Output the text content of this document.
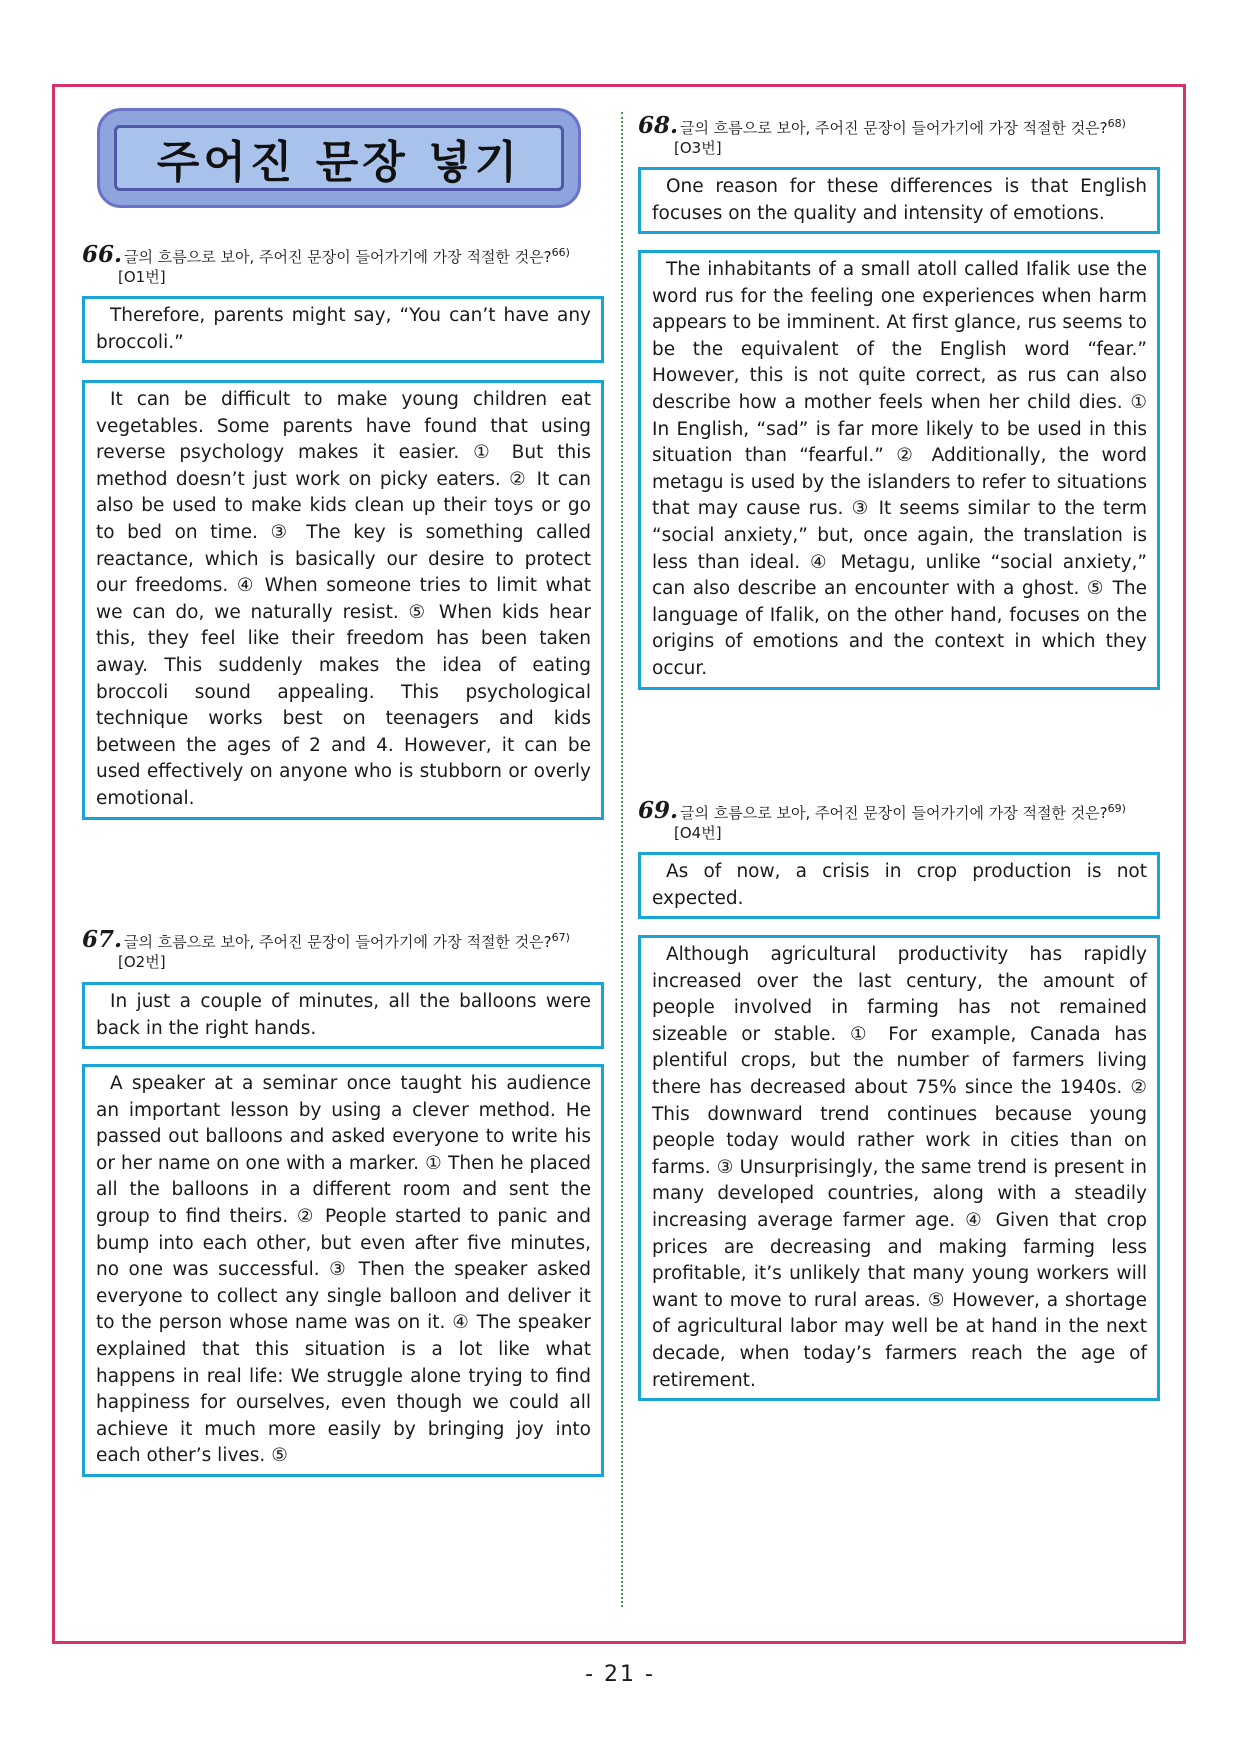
주어진 문장 넣기
66. 글의 흐름으로 보아, 주어진 문장이 들어가기에 가장 적절한 것은?$^{66)}$
[O1번]

Therefore, parents might say, “You can’t have any broccoli.”

It can be difficult to make young children eat vegetables. Some parents have found that using reverse psychology makes it easier. ① But this method doesn’t just work on picky eaters. ② It can also be used to make kids clean up their toys or go to bed on time. ③ The key is something called reactance, which is basically our desire to protect our freedoms. ④ When someone tries to limit what we can do, we naturally resist. ⑤ When kids hear this, they feel like their freedom has been taken away. This suddenly makes the idea of eating broccoli sound appealing. This psychological technique works best on teenagers and kids between the ages of 2 and 4. However, it can be used effectively on anyone who is stubborn or overly emotional.

67. 글의 흐름으로 보아, 주어진 문장이 들어가기에 가장 적절한 것은?$^{67)}$
[O2번]

In just a couple of minutes, all the balloons were back in the right hands.

A speaker at a seminar once taught his audience an important lesson by using a clever method. He passed out balloons and asked everyone to write his or her name on one with a marker. ① Then he placed all the balloons in a different room and sent the group to find theirs. ② People started to panic and bump into each other, but even after five minutes, no one was successful. ③ Then the speaker asked everyone to collect any single balloon and deliver it to the person whose name was on it. ④ The speaker explained that this situation is a lot like what happens in real life: We struggle alone trying to find happiness for ourselves, even though we could all achieve it much more easily by bringing joy into each other’s lives. ⑤

68. 글의 흐름으로 보아, 주어진 문장이 들어가기에 가장 적절한 것은?$^{68)}$
[O3번]

One reason for these differences is that English focuses on the quality and intensity of emotions.

The inhabitants of a small atoll called Ifalik use the word rus for the feeling one experiences when harm appears to be imminent. At first glance, rus seems to be the equivalent of the English word “fear.” However, this is not quite correct, as rus can also describe how a mother feels when her child dies. ① In English, “sad” is far more likely to be used in this situation than “fearful.” ② Additionally, the word metagu is used by the islanders to refer to situations that may cause rus. ③ It seems similar to the term “social anxiety,” but, once again, the translation is less than ideal. ④ Metagu, unlike “social anxiety,” can also describe an encounter with a ghost. ⑤ The language of Ifalik, on the other hand, focuses on the origins of emotions and the context in which they occur.

69. 글의 흐름으로 보아, 주어진 문장이 들어가기에 가장 적절한 것은?$^{69)}$
[O4번]

As of now, a crisis in crop production is not expected.

Although agricultural productivity has rapidly increased over the last century, the amount of people involved in farming has not remained sizeable or stable. ① For example, Canada has plentiful crops, but the number of farmers living there has decreased about 75% since the 1940s. ② This downward trend continues because young people today would rather work in cities than on farms. ③ Unsurprisingly, the same trend is present in many developed countries, along with a steadily increasing average farmer age. ④ Given that crop prices are decreasing and making farming less profitable, it’s unlikely that many young workers will want to move to rural areas. ⑤ However, a shortage of agricultural labor may well be at hand in the next decade, when today’s farmers reach the age of retirement.

- 21 -
